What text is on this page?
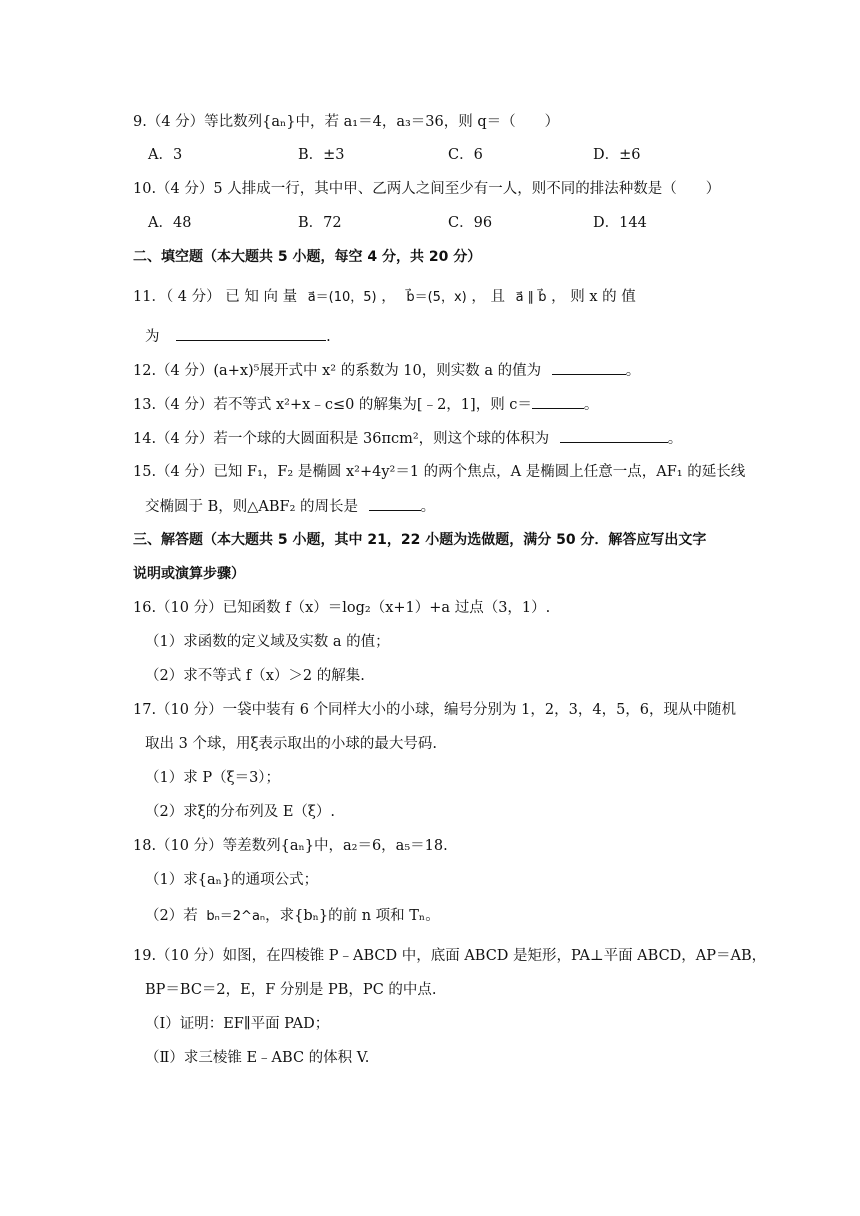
9.（4 分）等比数列{aₙ}中，若 a₁＝4，a₃＝36，则 q＝（　　）
A．3	B．±3	C．6	D．±6
10.（4 分）5 人排成一行，其中甲、乙两人之间至少有一人，则不同的排法种数是（　　）
A．48	B．72	C．96	D．144
二、填空题（本大题共 5 小题，每空 4 分，共 20 分）
11．（ 4 分） 已 知 向 量 a⃗＝(10，5) ， b⃗＝(5，x) ， 且 a⃗ ∥ b⃗ ， 则 x 的 值
为	.
12.（4 分）(a+x)⁵展开式中 x² 的系数为 10，则实数 a 的值为	。
13.（4 分）若不等式 x²+x﹣c≤0 的解集为[﹣2，1]，则 c＝	。
14.（4 分）若一个球的大圆面积是 36πcm²，则这个球的体积为	。
15.（4 分）已知 F₁，F₂ 是椭圆 x²+4y²＝1 的两个焦点，A 是椭圆上任意一点，AF₁ 的延长线
交椭圆于 B，则△ABF₂ 的周长是	。
三、解答题（本大题共 5 小题，其中 21，22 小题为选做题，满分 50 分．解答应写出文字
说明或演算步骤）
16.（10 分）已知函数 f（x）＝log₂（x+1）+a 过点（3，1）.
（1）求函数的定义域及实数 a 的值；
（2）求不等式 f（x）＞2 的解集.
17.（10 分）一袋中装有 6 个同样大小的小球，编号分别为 1，2，3，4，5，6，现从中随机
取出 3 个球，用ξ表示取出的小球的最大号码.
（1）求 P（ξ＝3）；
（2）求ξ的分布列及 E（ξ）.
18.（10 分）等差数列{aₙ}中，a₂＝6，a₅＝18.
（1）求{aₙ}的通项公式；
（2）若 bₙ＝2^aₙ，求{bₙ}的前 n 项和 Tₙ。
19.（10 分）如图，在四棱锥 P﹣ABCD 中，底面 ABCD 是矩形，PA⊥平面 ABCD，AP＝AB，
BP＝BC＝2，E，F 分别是 PB，PC 的中点.
（Ⅰ）证明：EF∥平面 PAD；
（Ⅱ）求三棱锥 E﹣ABC 的体积 V.
